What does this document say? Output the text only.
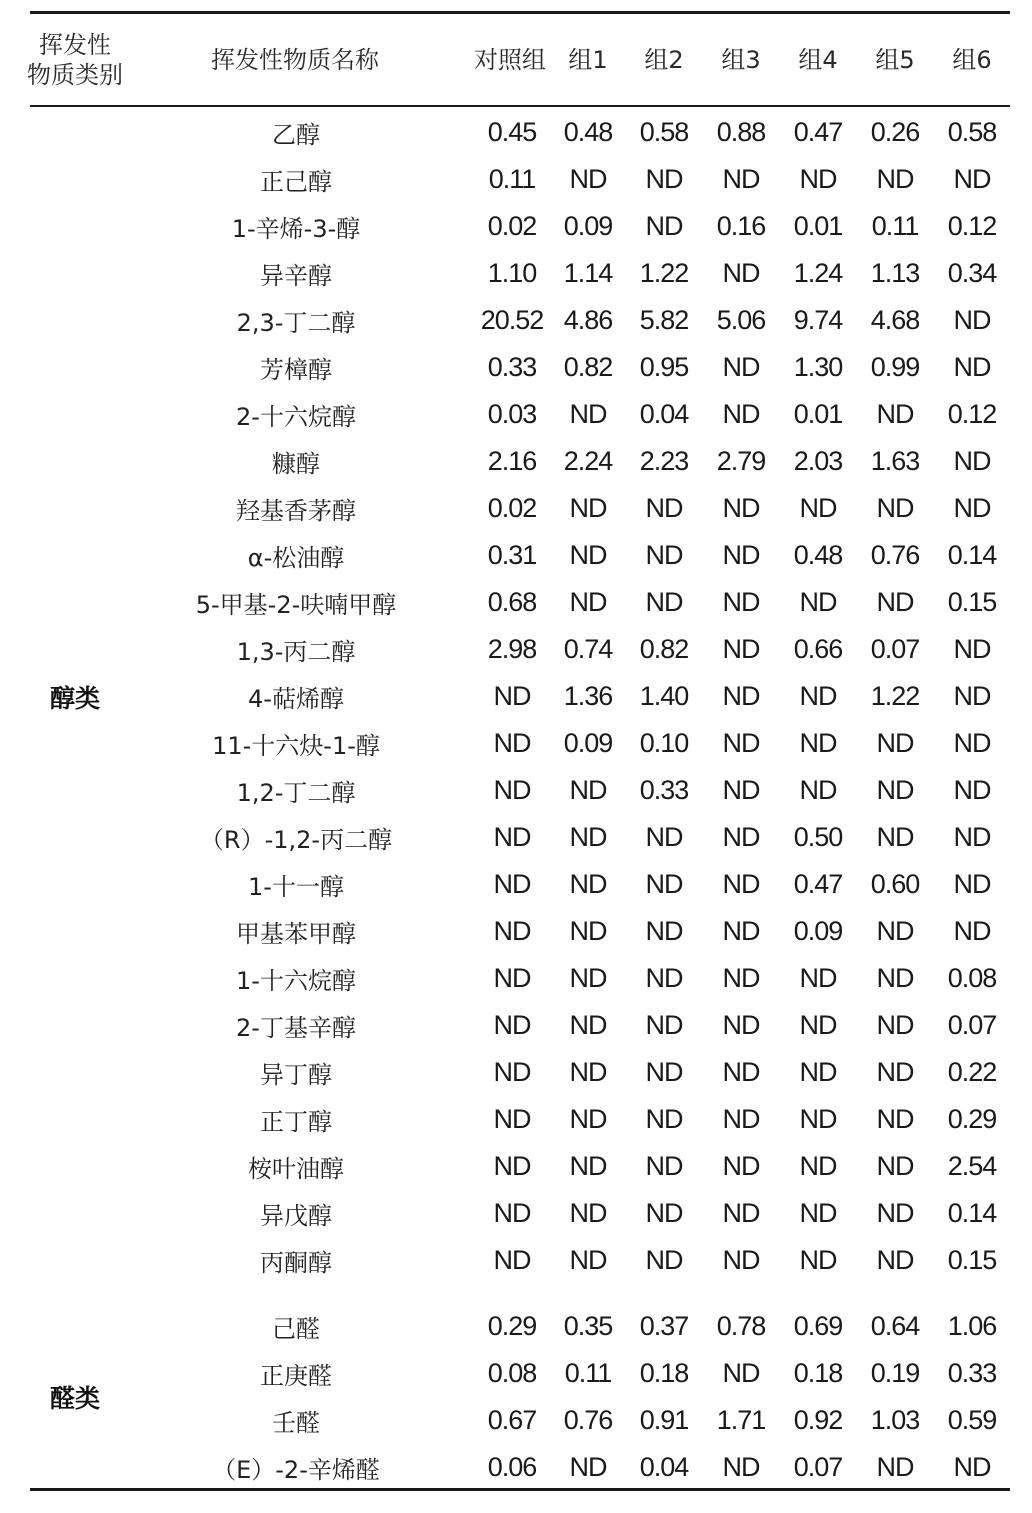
挥发性
物质类别
挥发性物质名称	对照组 组1	组2	组3	组4	组5	组6
乙醇	0.45	0.48	0.58	0.88	0.47	0.26	0.58
正己醇	0.11	ND	ND	ND	ND	ND	ND
1-辛烯-3-醇	0.02	0.09	ND	0.16	0.01	0.11	0.12
异辛醇	1.10	1.14	1.22	ND	1.24	1.13	0.34
2,3-丁二醇	20.52 4.86	5.82	5.06	9.74	4.68	ND
芳樟醇	0.33	0.82	0.95	ND	1.30	0.99	ND
2-十六烷醇	0.03	ND	0.04	ND	0.01	ND	0.12
糠醇	2.16	2.24	2.23	2.79	2.03	1.63	ND
羟基香茅醇	0.02	ND	ND	ND	ND	ND	ND
α-松油醇	0.31	ND	ND	ND	0.48	0.76	0.14
5-甲基-2-呋喃甲醇	0.68	ND	ND	ND	ND	ND	0.15
1,3-丙二醇	2.98	0.74	0.82	ND	0.66	0.07	ND
4-萜烯醇	ND	1.36	1.40	ND	ND	1.22	ND
11-十六炔-1-醇	ND	0.09	0.10	ND	ND	ND	ND
1,2-丁二醇	ND	ND	0.33	ND	ND	ND	ND
（R）-1,2-丙二醇	ND	ND	ND	ND	0.50	ND	ND
1-十一醇	ND	ND	ND	ND	0.47	0.60	ND
甲基苯甲醇	ND	ND	ND	ND	0.09	ND	ND
1-十六烷醇	ND	ND	ND	ND	ND	ND	0.08
2-丁基辛醇	ND	ND	ND	ND	ND	ND	0.07
异丁醇	ND	ND	ND	ND	ND	ND	0.22
正丁醇	ND	ND	ND	ND	ND	ND	0.29
桉叶油醇	ND	ND	ND	ND	ND	ND	2.54
异戊醇	ND	ND	ND	ND	ND	ND	0.14
丙酮醇	ND	ND	ND	ND	ND	ND	0.15
醇类
己醛	0.29	0.35	0.37	0.78	0.69	0.64	1.06
正庚醛	0.08	0.11	0.18	ND	0.18	0.19	0.33
壬醛	0.67	0.76	0.91	1.71	0.92	1.03	0.59
（E）-2-辛烯醛	0.06	ND	0.04	ND	0.07	ND	ND
醛类
